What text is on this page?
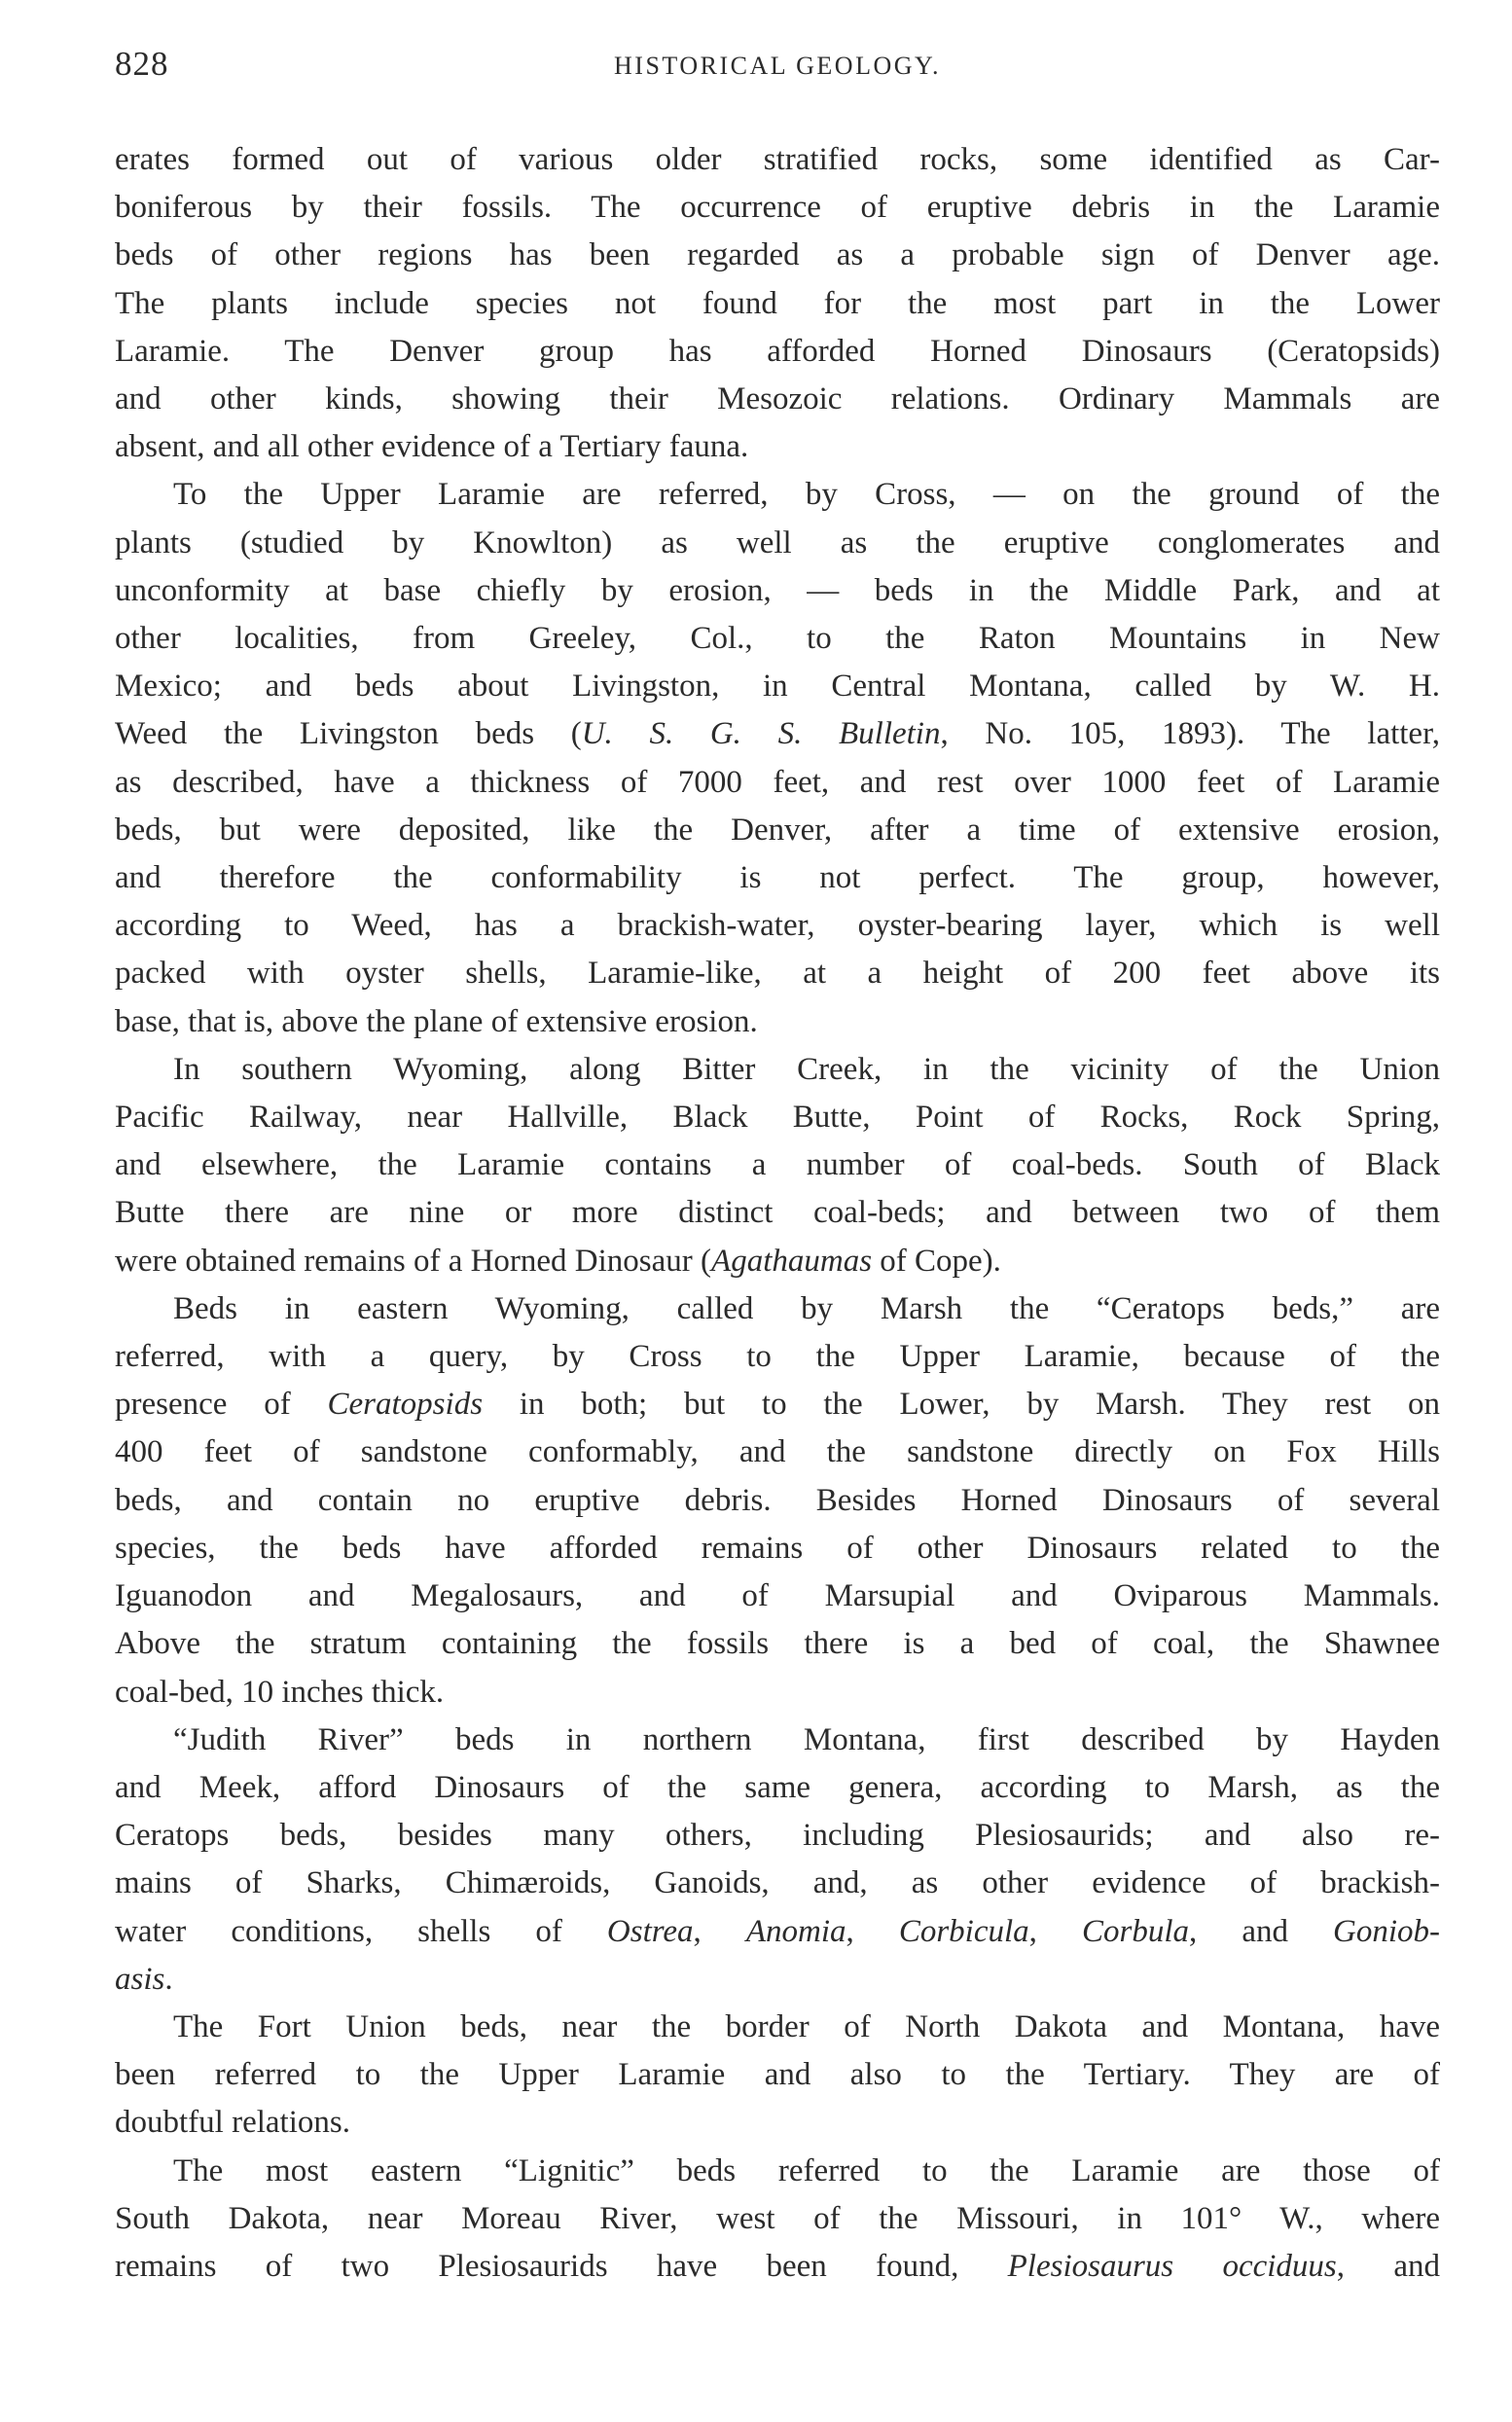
828	HISTORICAL GEOLOGY.

erates formed out of various older stratified rocks, some identified as Car-
boniferous by their fossils. The occurrence of eruptive debris in the Laramie
beds of other regions has been regarded as a probable sign of Denver age.
The plants include species not found for the most part in the Lower
Laramie. The Denver group has afforded Horned Dinosaurs (Ceratopsids)
and other kinds, showing their Mesozoic relations. Ordinary Mammals are
absent, and all other evidence of a Tertiary fauna.

To the Upper Laramie are referred, by Cross, — on the ground of the
plants (studied by Knowlton) as well as the eruptive conglomerates and
unconformity at base chiefly by erosion, — beds in the Middle Park, and at
other localities, from Greeley, Col., to the Raton Mountains in New
Mexico; and beds about Livingston, in Central Montana, called by W. H.
Weed the Livingston beds (U. S. G. S. Bulletin, No. 105, 1893). The latter,
as described, have a thickness of 7000 feet, and rest over 1000 feet of Laramie
beds, but were deposited, like the Denver, after a time of extensive erosion,
and therefore the conformability is not perfect. The group, however,
according to Weed, has a brackish-water, oyster-bearing layer, which is well
packed with oyster shells, Laramie-like, at a height of 200 feet above its
base, that is, above the plane of extensive erosion.

In southern Wyoming, along Bitter Creek, in the vicinity of the Union
Pacific Railway, near Hallville, Black Butte, Point of Rocks, Rock Spring,
and elsewhere, the Laramie contains a number of coal-beds. South of Black
Butte there are nine or more distinct coal-beds; and between two of them
were obtained remains of a Horned Dinosaur (Agathaumas of Cope).

Beds in eastern Wyoming, called by Marsh the “Ceratops beds,” are
referred, with a query, by Cross to the Upper Laramie, because of the
presence of Ceratopsids in both; but to the Lower, by Marsh. They rest on
400 feet of sandstone conformably, and the sandstone directly on Fox Hills
beds, and contain no eruptive debris. Besides Horned Dinosaurs of several
species, the beds have afforded remains of other Dinosaurs related to the
Iguanodon and Megalosaurs, and of Marsupial and Oviparous Mammals.
Above the stratum containing the fossils there is a bed of coal, the Shawnee
coal-bed, 10 inches thick.

“Judith River” beds in northern Montana, first described by Hayden
and Meek, afford Dinosaurs of the same genera, according to Marsh, as the
Ceratops beds, besides many others, including Plesiosaurids; and also re-
mains of Sharks, Chimæroids, Ganoids, and, as other evidence of brackish-
water conditions, shells of Ostrea, Anomia, Corbicula, Corbula, and Goniob-
asis.

The Fort Union beds, near the border of North Dakota and Montana, have
been referred to the Upper Laramie and also to the Tertiary. They are of
doubtful relations.

The most eastern “Lignitic” beds referred to the Laramie are those of
South Dakota, near Moreau River, west of the Missouri, in 101° W., where
remains of two Plesiosaurids have been found, Plesiosaurus occiduus, and
